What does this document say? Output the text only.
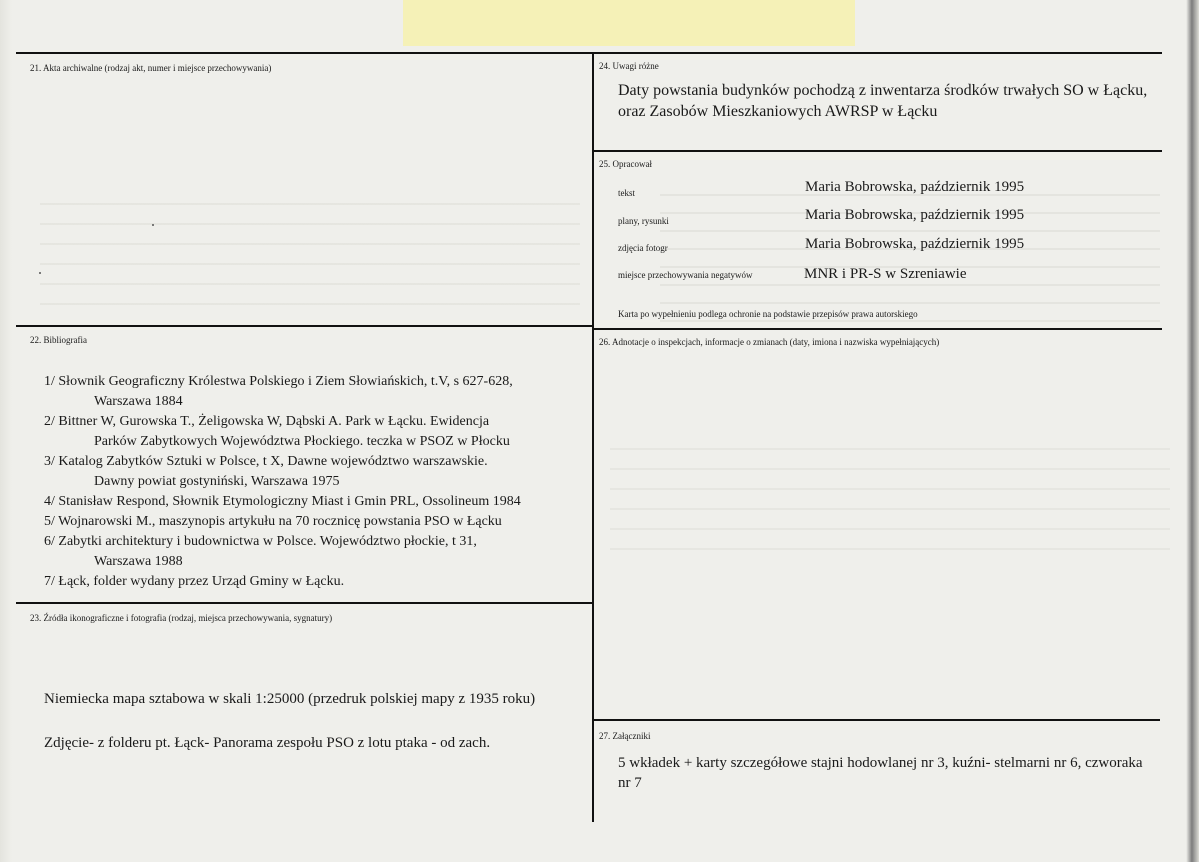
21. Akta archiwalne (rodzaj akt, numer i miejsce przechowywania)
22. Bibliografia
1/ Słownik Geograficzny Królestwa Polskiego i Ziem Słowiańskich, t.V, s 627-628,
Warszawa 1884
2/ Bittner W, Gurowska T., Żeligowska W, Dąbski A. Park w Łącku. Ewidencja
Parków Zabytkowych Województwa Płockiego. teczka w PSOZ w Płocku
3/ Katalog Zabytków Sztuki w Polsce, t X, Dawne województwo warszawskie.
Dawny powiat gostyniński, Warszawa 1975
4/ Stanisław Respond, Słownik Etymologiczny Miast i Gmin PRL, Ossolineum 1984
5/ Wojnarowski M., maszynopis artykułu na 70 rocznicę powstania PSO w Łącku
6/ Zabytki architektury i budownictwa w Polsce. Województwo płockie, t 31,
Warszawa 1988
7/ Łąck, folder wydany przez Urząd Gminy w Łącku.
23. Źródła ikonograficzne i fotografia (rodzaj, miejsca przechowywania, sygnatury)
Niemiecka mapa sztabowa w skali 1:25000 (przedruk polskiej mapy z 1935 roku)
Zdjęcie- z folderu pt. Łąck- Panorama zespołu PSO z lotu ptaka - od zach.
24. Uwagi różne
Daty powstania budynków pochodzą z inwentarza środków trwałych SO w Łącku, oraz Zasobów Mieszkaniowych AWRSP w Łącku
25. Opracował
tekst	Maria Bobrowska, październik 1995
plany, rysunki	Maria Bobrowska, październik 1995
zdjęcia fotogr	Maria Bobrowska, październik 1995
miejsce przechowywania negatywów	MNR i PR-S w Szreniawie
Karta po wypełnieniu podlega ochronie na podstawie przepisów prawa autorskiego
26. Adnotacje o inspekcjach, informacje o zmianach (daty, imiona i nazwiska wypełniających)
27. Załączniki
5 wkładek + karty szczegółowe stajni hodowlanej nr 3, kuźni- stelmarni nr 6, czworaka nr 7
